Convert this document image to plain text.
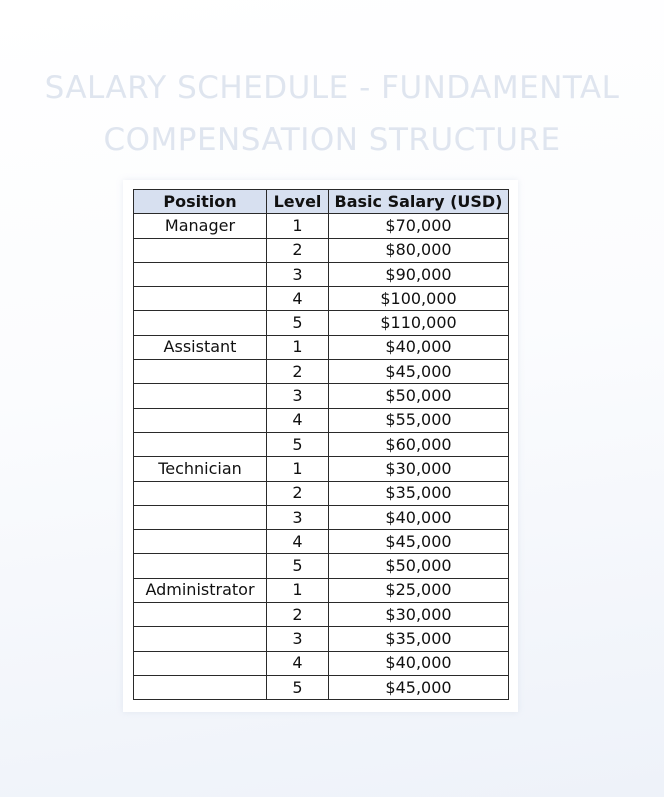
SALARY SCHEDULE - FUNDAMENTAL
COMPENSATION STRUCTURE
Position	Level	Basic Salary (USD)
Manager	1	$70,000
	2	$80,000
	3	$90,000
	4	$100,000
	5	$110,000
Assistant	1	$40,000
	2	$45,000
	3	$50,000
	4	$55,000
	5	$60,000
Technician	1	$30,000
	2	$35,000
	3	$40,000
	4	$45,000
	5	$50,000
Administrator	1	$25,000
	2	$30,000
	3	$35,000
	4	$40,000
	5	$45,000
